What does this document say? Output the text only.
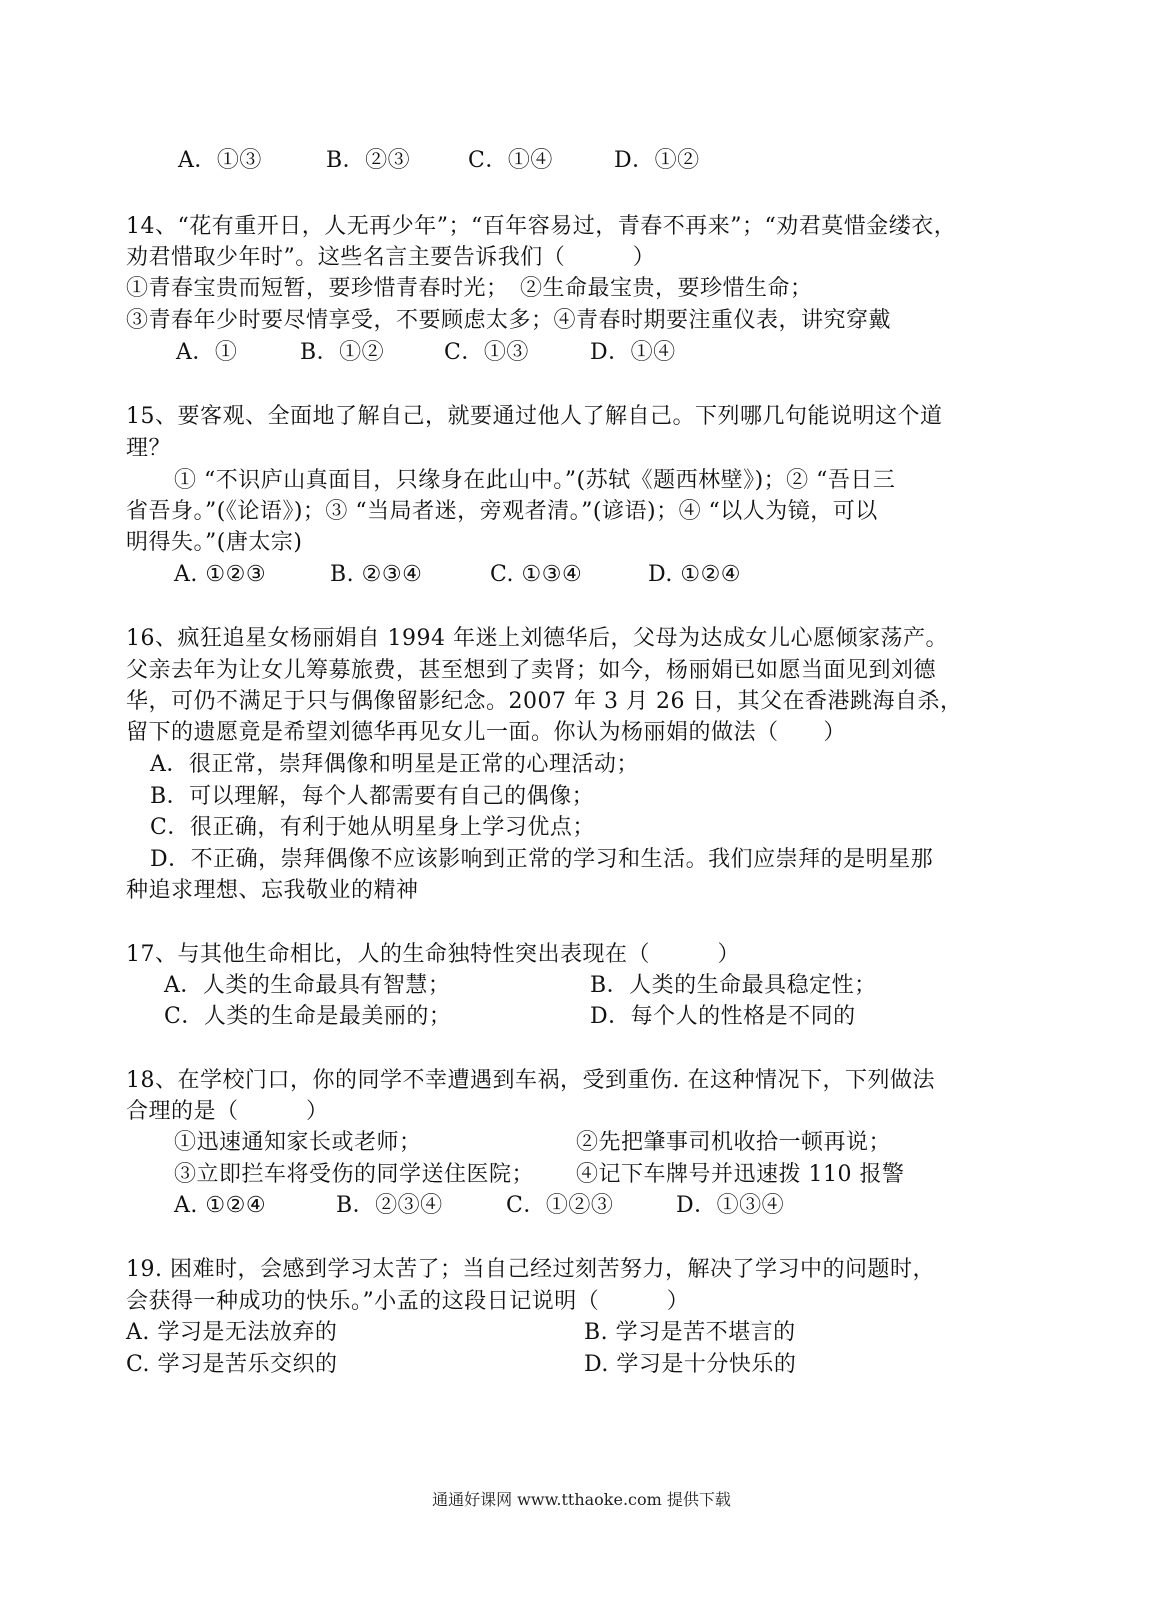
A．①③	B．②③	C．①④	D．①②
14、“花有重开日，人无再少年”；“百年容易过，青春不再来”；“劝君莫惜金缕衣，
劝君惜取少年时”。这些名言主要告诉我们（　　　）
①青春宝贵而短暂，要珍惜青春时光；　②生命最宝贵，要珍惜生命；
③青春年少时要尽情享受，不要顾虑太多；④青春时期要注重仪表，讲究穿戴
A．①	B．①②	C．①③	D．①④
15、要客观、全面地了解自己，就要通过他人了解自己。下列哪几句能说明这个道
理？
① “不识庐山真面目，只缘身在此山中。”(苏轼《题西林壁》)；② “吾日三
省吾身。”(《论语》)；③ “当局者迷，旁观者清。”(谚语)；④ “以人为镜，可以
明得失。”(唐太宗)
A. ①②③	B. ②③④	C. ①③④	D. ①②④
16、疯狂追星女杨丽娟自 1994 年迷上刘德华后，父母为达成女儿心愿倾家荡产。
父亲去年为让女儿筹募旅费，甚至想到了卖肾；如今，杨丽娟已如愿当面见到刘德
华，可仍不满足于只与偶像留影纪念。2007 年 3 月 26 日，其父在香港跳海自杀，
留下的遗愿竟是希望刘德华再见女儿一面。你认为杨丽娟的做法（　　）
A．很正常，崇拜偶像和明星是正常的心理活动；
B．可以理解，每个人都需要有自己的偶像；
C．很正确，有利于她从明星身上学习优点；
D．不正确，崇拜偶像不应该影响到正常的学习和生活。我们应崇拜的是明星那
种追求理想、忘我敬业的精神
17、与其他生命相比，人的生命独特性突出表现在（　　　）
A．人类的生命最具有智慧；	B．人类的生命最具稳定性；
C．人类的生命是最美丽的；	D．每个人的性格是不同的
18、在学校门口，你的同学不幸遭遇到车祸，受到重伤. 在这种情况下，下列做法
合理的是（　　　）
①迅速通知家长或老师；	②先把肇事司机收拾一顿再说；
③立即拦车将受伤的同学送住医院； ④记下车牌号并迅速拨 110 报警
A. ①②④	B．②③④	C．①②③	D．①③④
19. 困难时，会感到学习太苦了；当自己经过刻苦努力，解决了学习中的问题时，
会获得一种成功的快乐。”小孟的这段日记说明（　　　）
A. 学习是无法放弃的	B. 学习是苦不堪言的
C. 学习是苦乐交织的	D. 学习是十分快乐的
通通好课网 www.tthaoke.com 提供下载
